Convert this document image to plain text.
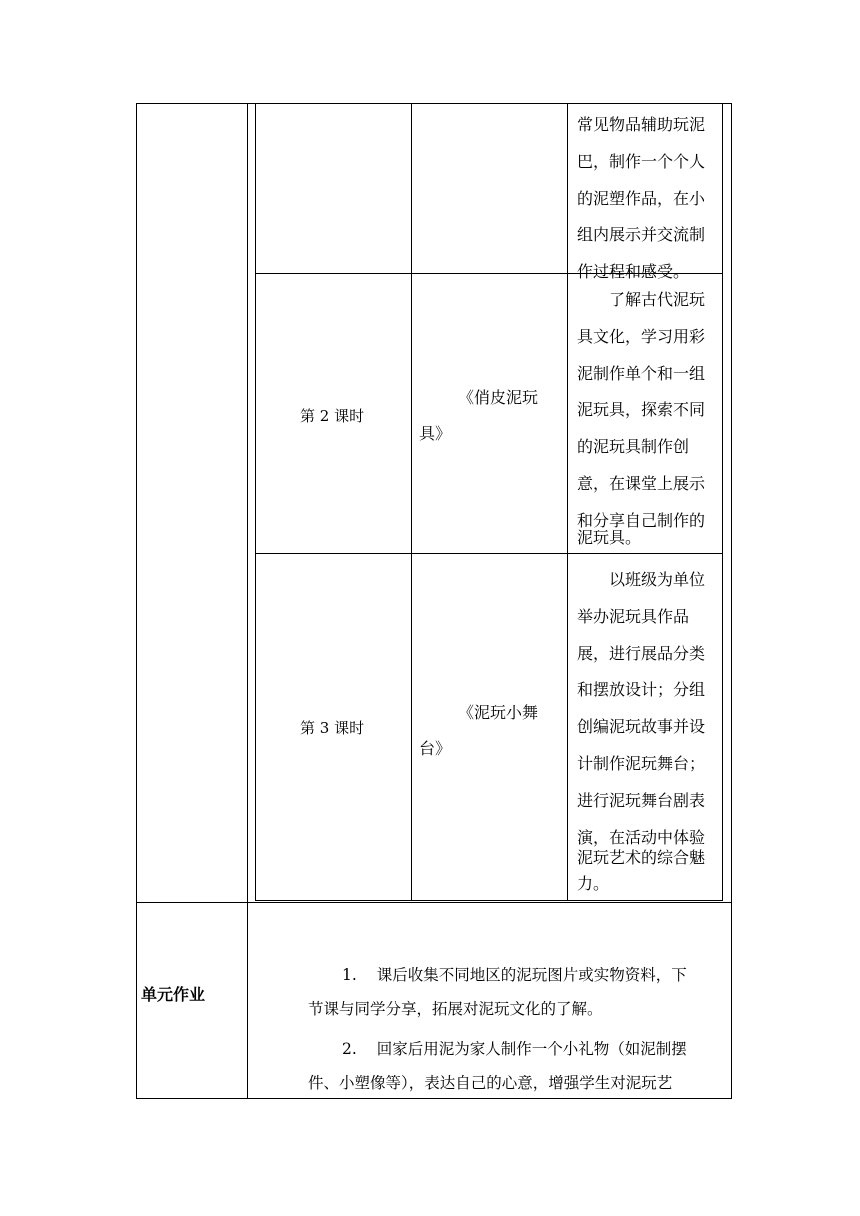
常见物品辅助玩泥
巴，制作一个个人
的泥塑作品，在小
组内展示并交流制
作过程和感受。
第 2 课时
《俏皮泥玩
具》
了解古代泥玩
具文化，学习用彩
泥制作单个和一组
泥玩具，探索不同
的泥玩具制作创
意，在课堂上展示
和分享自己制作的
泥玩具。
第 3 课时
《泥玩小舞
台》
以班级为单位
举办泥玩具作品
展，进行展品分类
和摆放设计；分组
创编泥玩故事并设
计制作泥玩舞台；
进行泥玩舞台剧表
演，在活动中体验
泥玩艺术的综合魅
力。
单元作业
1. 课后收集不同地区的泥玩图片或实物资料，下
节课与同学分享，拓展对泥玩文化的了解。
2. 回家后用泥为家人制作一个小礼物（如泥制摆
件、小塑像等），表达自己的心意，增强学生对泥玩艺
